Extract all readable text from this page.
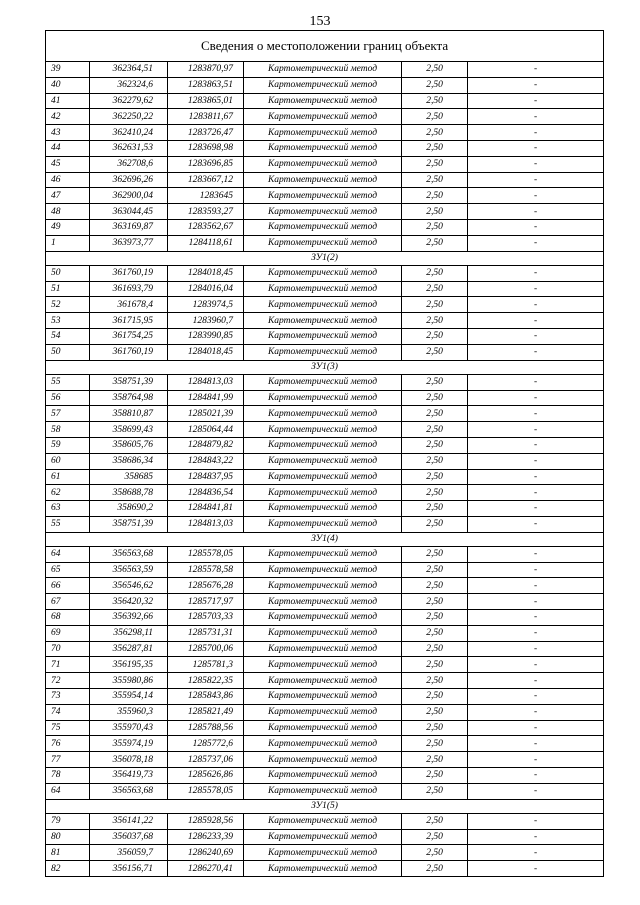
153
Сведения о местоположении границ объекта					
39	362364,51	1283870,97	Картометрический метод	2,50	-
40	362324,6	1283863,51	Картометрический метод	2,50	-
41	362279,62	1283865,01	Картометрический метод	2,50	-
42	362250,22	1283811,67	Картометрический метод	2,50	-
43	362410,24	1283726,47	Картометрический метод	2,50	-
44	362631,53	1283698,98	Картометрический метод	2,50	-
45	362708,6	1283696,85	Картометрический метод	2,50	-
46	362696,26	1283667,12	Картометрический метод	2,50	-
47	362900,04	1283645	Картометрический метод	2,50	-
48	363044,45	1283593,27	Картометрический метод	2,50	-
49	363169,87	1283562,67	Картометрический метод	2,50	-
1	363973,77	1284118,61	Картометрический метод	2,50	-
ЗУ1(2)					
50	361760,19	1284018,45	Картометрический метод	2,50	-
51	361693,79	1284016,04	Картометрический метод	2,50	-
52	361678,4	1283974,5	Картометрический метод	2,50	-
53	361715,95	1283960,7	Картометрический метод	2,50	-
54	361754,25	1283990,85	Картометрический метод	2,50	-
50	361760,19	1284018,45	Картометрический метод	2,50	-
ЗУ1(3)					
55	358751,39	1284813,03	Картометрический метод	2,50	-
56	358764,98	1284841,99	Картометрический метод	2,50	-
57	358810,87	1285021,39	Картометрический метод	2,50	-
58	358699,43	1285064,44	Картометрический метод	2,50	-
59	358605,76	1284879,82	Картометрический метод	2,50	-
60	358686,34	1284843,22	Картометрический метод	2,50	-
61	358685	1284837,95	Картометрический метод	2,50	-
62	358688,78	1284836,54	Картометрический метод	2,50	-
63	358690,2	1284841,81	Картометрический метод	2,50	-
55	358751,39	1284813,03	Картометрический метод	2,50	-
ЗУ1(4)					
64	356563,68	1285578,05	Картометрический метод	2,50	-
65	356563,59	1285578,58	Картометрический метод	2,50	-
66	356546,62	1285676,28	Картометрический метод	2,50	-
67	356420,32	1285717,97	Картометрический метод	2,50	-
68	356392,66	1285703,33	Картометрический метод	2,50	-
69	356298,11	1285731,31	Картометрический метод	2,50	-
70	356287,81	1285700,06	Картометрический метод	2,50	-
71	356195,35	1285781,3	Картометрический метод	2,50	-
72	355980,86	1285822,35	Картометрический метод	2,50	-
73	355954,14	1285843,86	Картометрический метод	2,50	-
74	355960,3	1285821,49	Картометрический метод	2,50	-
75	355970,43	1285788,56	Картометрический метод	2,50	-
76	355974,19	1285772,6	Картометрический метод	2,50	-
77	356078,18	1285737,06	Картометрический метод	2,50	-
78	356419,73	1285626,86	Картометрический метод	2,50	-
64	356563,68	1285578,05	Картометрический метод	2,50	-
ЗУ1(5)					
79	356141,22	1285928,56	Картометрический метод	2,50	-
80	356037,68	1286233,39	Картометрический метод	2,50	-
81	356059,7	1286240,69	Картометрический метод	2,50	-
82	356156,71	1286270,41	Картометрический метод	2,50	-
